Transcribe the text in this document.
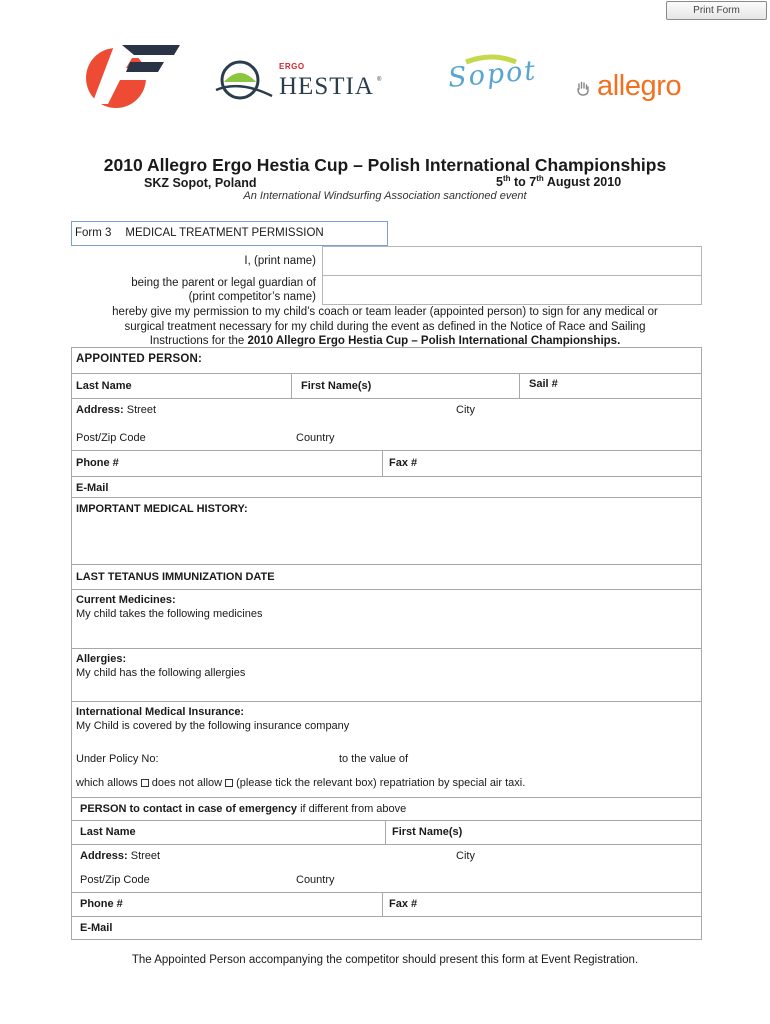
Print Form
ERGO
HESTIA ® Sopot allegro
2010 Allegro Ergo Hestia Cup – Polish International Championships
SKZ Sopot, Poland	5th to 7th August 2010
An International Windsurfing Association sanctioned event
Form 3 MEDICAL TREATMENT PERMISSION
I, (print name)
being the parent or legal guardian of
(print competitor’s name)
hereby give my permission to my child’s coach or team leader (appointed person) to sign for any medical or
surgical treatment necessary for my child during the event as defined in the Notice of Race and Sailing
Instructions for the 2010 Allegro Ergo Hestia Cup – Polish International Championships.
APPOINTED PERSON:
Last Name	First Name(s)	Sail #
Address: Street	City
Post/Zip Code	Country
Phone #	Fax #
E-Mail
IMPORTANT MEDICAL HISTORY:
LAST TETANUS IMMUNIZATION DATE
Current Medicines:
My child takes the following medicines
Allergies:
My child has the following allergies
International Medical Insurance:
My Child is covered by the following insurance company
Under Policy No:	to the value of
which allows does not allow (please tick the relevant box) repatriation by special air taxi.
PERSON to contact in case of emergency if different from above
Last Name	First Name(s)
Address: Street	City
Post/Zip Code	Country
Phone #	Fax #
E-Mail
The Appointed Person accompanying the competitor should present this form at Event Registration.
